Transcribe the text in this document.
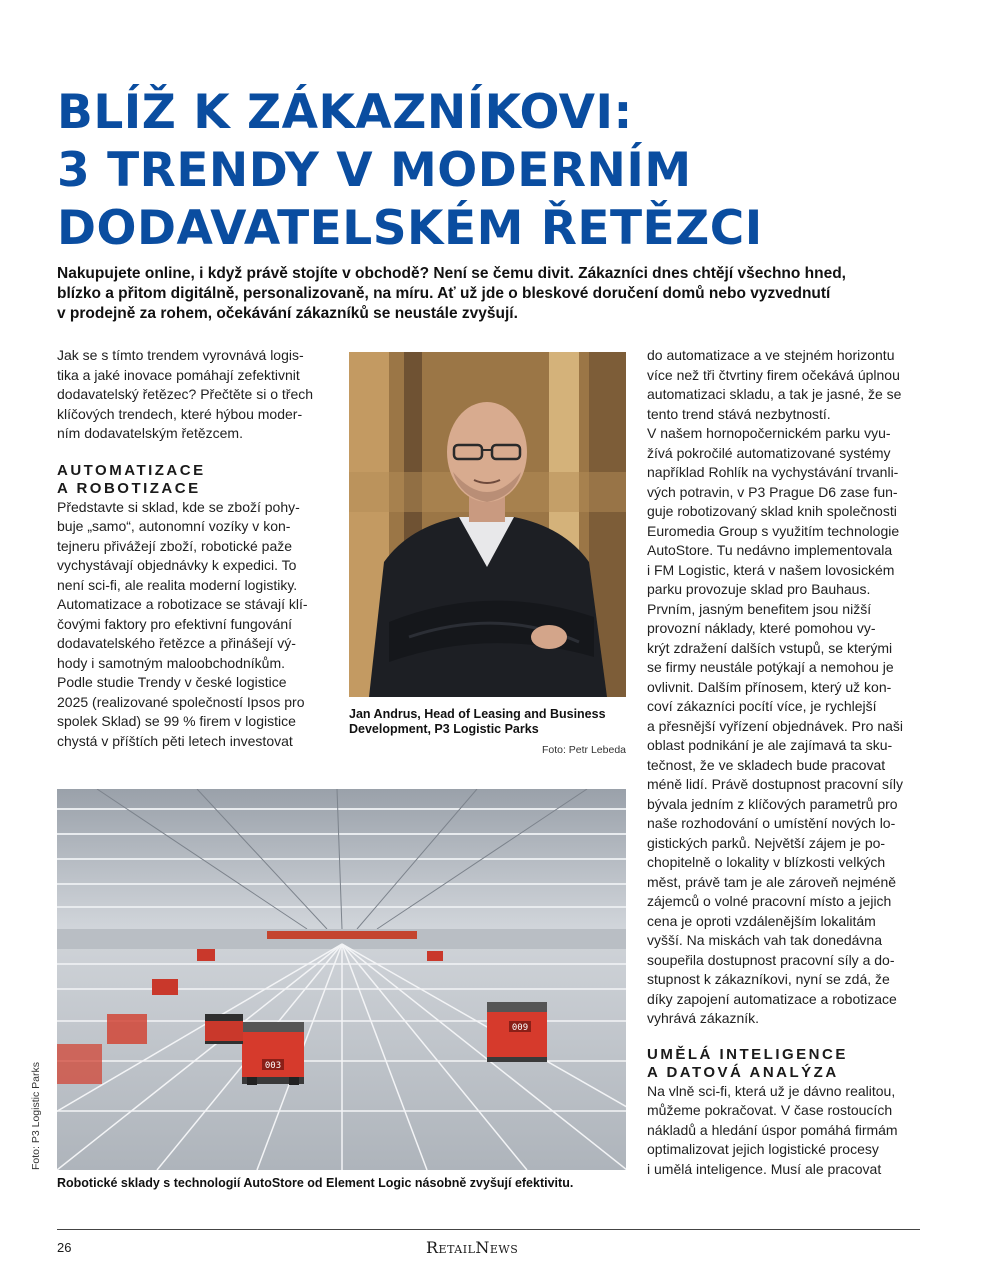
BLÍŽ K ZÁKAZNÍKOVI:
3 TRENDY V MODERNÍM
DODAVATELSKÉM ŘETĚZCI

Nakupujete online, i když právě stojíte v obchodě? Není se čemu divit. Zákazníci dnes chtějí všechno hned,
blízko a přitom digitálně, personalizovaně, na míru. Ať už jde o bleskové doručení domů nebo vyzvednutí
v prodejně za rohem, očekávání zákazníků se neustále zvyšují.

Jak se s tímto trendem vyrovnává logis-
tika a jaké inovace pomáhají zefektivnit
dodavatelský řetězec? Přečtěte si o třech
klíčových trendech, které hýbou moder-
ním dodavatelským řetězcem.
AUTOMATIZACE
A ROBOTIZACE
Představte si sklad, kde se zboží pohy-
buje „samo“, autonomní vozíky v kon-
tejneru přivážejí zboží, robotické paže
vychystávají objednávky k expedici. To
není sci-fi, ale realita moderní logistiky.
Automatizace a robotizace se stávají klí-
čovými faktory pro efektivní fungování
dodavatelského řetězce a přinášejí vý-
hody i samotným maloobchodníkům.
Podle studie Trendy v české logistice
2025 (realizované společností Ipsos pro
spolek Sklad) se 99 % firem v logistice
chystá v příštích pěti letech investovat
Jan Andrus, Head of Leasing and Business
Development, P3 Logistic Parks
Foto: Petr Lebeda
do automatizace a ve stejném horizontu
více než tři čtvrtiny firem očekává úplnou
automatizaci skladu, a tak je jasné, že se
tento trend stává nezbytností.
V našem hornopočernickém parku vyu-
žívá pokročilé automatizované systémy
například Rohlík na vychystávání trvanli-
vých potravin, v P3 Prague D6 zase fun-
guje robotizovaný sklad knih společnosti
Euromedia Group s využitím technologie
AutoStore. Tu nedávno implementovala
i FM Logistic, která v našem lovosickém
parku provozuje sklad pro Bauhaus.
Prvním, jasným benefitem jsou nižší
provozní náklady, které pomohou vy-
krýt zdražení dalších vstupů, se kterými
se firmy neustále potýkají a nemohou je
ovlivnit. Dalším přínosem, který už kon-
coví zákazníci pocítí více, je rychlejší
a přesnější vyřízení objednávek. Pro naši
oblast podnikání je ale zajímavá ta sku-
tečnost, že ve skladech bude pracovat
méně lidí. Právě dostupnost pracovní síly
bývala jedním z klíčových parametrů pro
naše rozhodování o umístění nových lo-
gistických parků. Největší zájem je po-
chopitelně o lokality v blízkosti velkých
měst, právě tam je ale zároveň nejméně
zájemců o volné pracovní místo a jejich
cena je oproti vzdálenějším lokalitám
vyšší. Na miskách vah tak donedávna
soupeřila dostupnost pracovní síly a do-
stupnost k zákazníkovi, nyní se zdá, že
díky zapojení automatizace a robotizace
vyhrává zákazník.
UMĚLÁ INTELIGENCE
A DATOVÁ ANALÝZA
Na vlně sci-fi, která už je dávno realitou,
můžeme pokračovat. V čase rostoucích
nákladů a hledání úspor pomáhá firmám
optimalizovat jejich logistické procesy
i umělá inteligence. Musí ale pracovat
003
009
Foto: P3 Logistic Parks
Robotické sklady s technologií AutoStore od Element Logic násobně zvyšují efektivitu.
26	RetailNews
